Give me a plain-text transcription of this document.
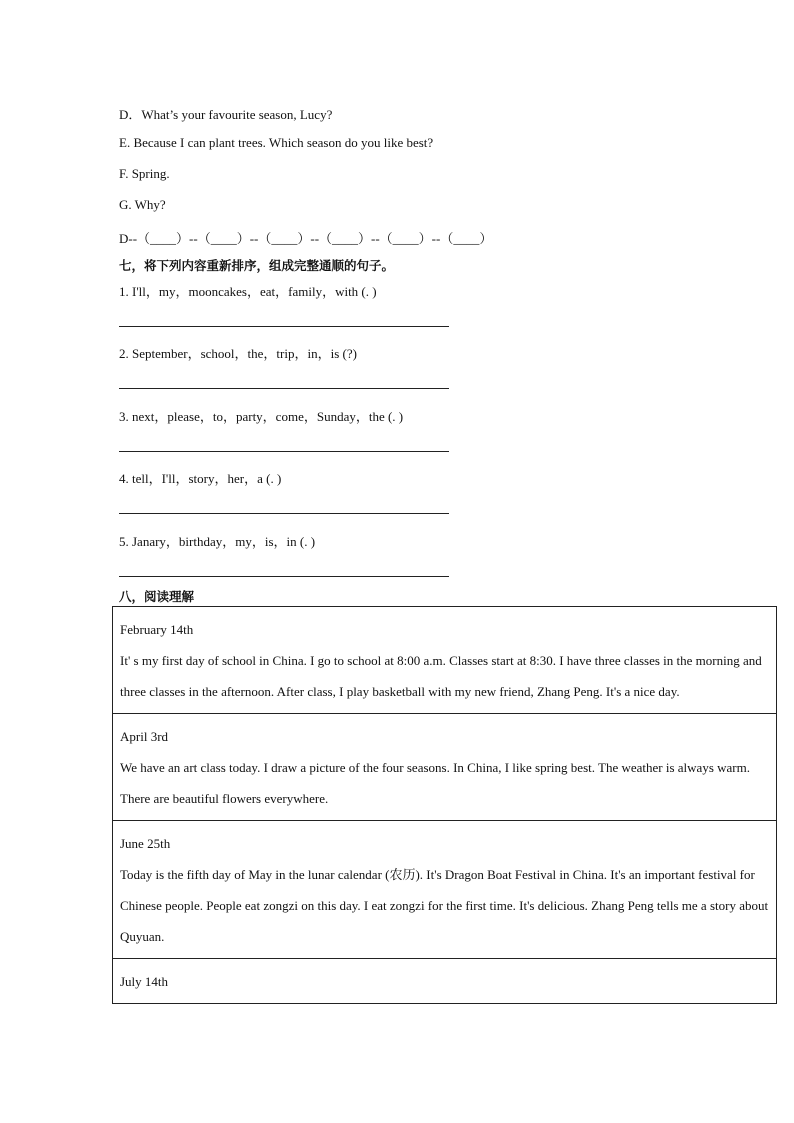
D．What’s your favourite season, Lucy?
E. Because I can plant trees. Which season do you like best?
F. Spring.
G. Why?
D--（____）--（____）--（____）--（____）--（____）--（____）
七，将下列内容重新排序，组成完整通顺的句子。
1. I'll，my，mooncakes，eat，family，with (. )
2. September，school，the，trip，in，is (?)
3. next，please，to，party，come，Sunday，the (. )
4. tell，I'll，story，her，a (. )
5. Janary，birthday，my，is，in (. )
八，阅读理解
February 14th
It' s my first day of school in China. I go to school at 8:00 a.m. Classes start at 8:30. I have three classes in the morning and three classes in the afternoon. After class, I play basketball with my new friend, Zhang Peng. It's a nice day.

April 3rd
We have an art class today. I draw a picture of the four seasons. In China, I like spring best. The weather is always warm. There are beautiful flowers everywhere.

June 25th
Today is the fifth day of May in the lunar calendar (农历). It's Dragon Boat Festival in China. It's an important festival for Chinese people. People eat zongzi on this day. I eat zongzi for the first time. It's delicious. Zhang Peng tells me a story about Quyuan.

July 14th
